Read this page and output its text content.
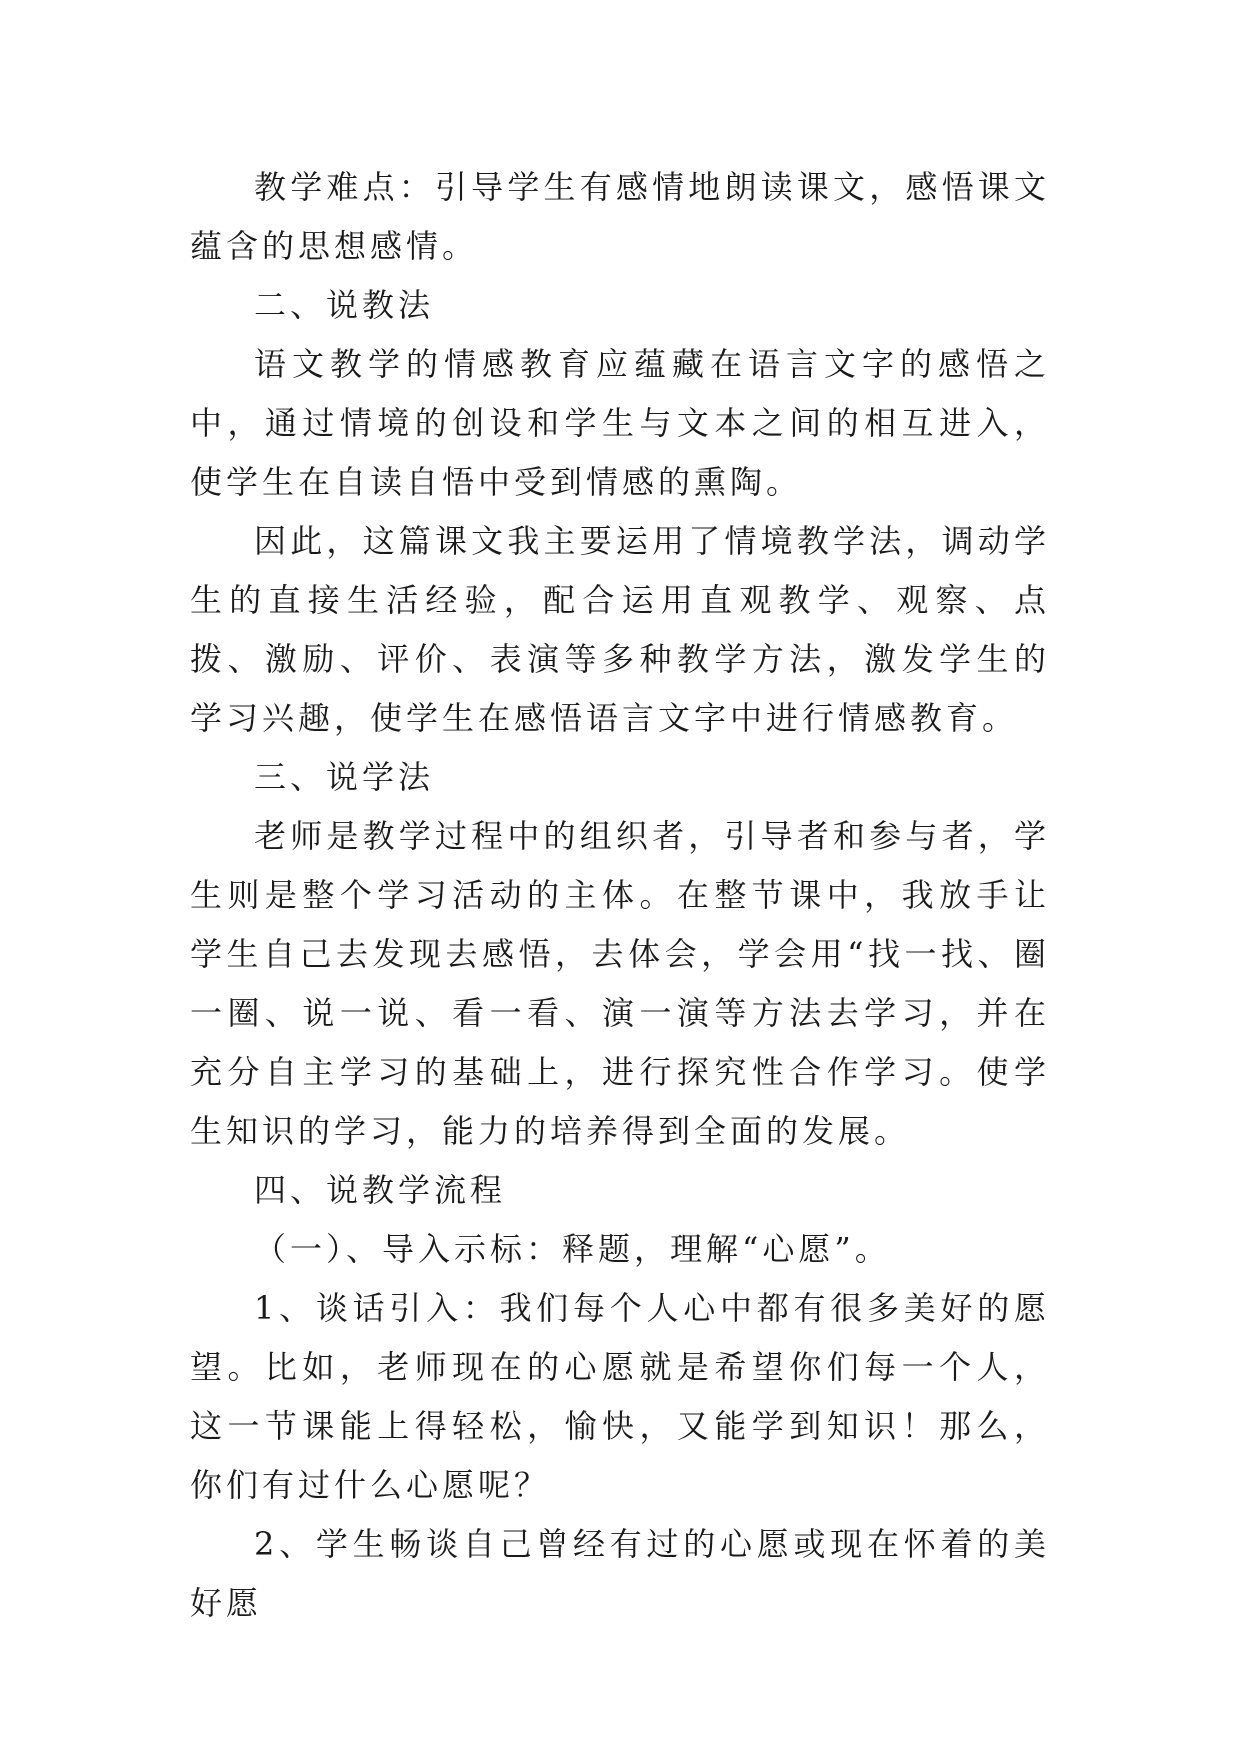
教学难点：引导学生有感情地朗读课文，感悟课文蕴含的思想感情。

二、说教法

语文教学的情感教育应蕴藏在语言文字的感悟之中，通过情境的创设和学生与文本之间的相互进入，使学生在自读自悟中受到情感的熏陶。

因此，这篇课文我主要运用了情境教学法，调动学生的直接生活经验，配合运用直观教学、观察、点拨、激励、评价、表演等多种教学方法，激发学生的学习兴趣，使学生在感悟语言文字中进行情感教育。

三、说学法

老师是教学过程中的组织者，引导者和参与者，学生则是整个学习活动的主体。在整节课中，我放手让学生自己去发现去感悟，去体会，学会用“找一找、圈一圈、说一说、看一看、演一演等方法去学习，并在充分自主学习的基础上，进行探究性合作学习。使学生知识的学习，能力的培养得到全面的发展。

四、说教学流程

（一）、导入示标：释题，理解“心愿”。

1、谈话引入：我们每个人心中都有很多美好的愿望。比如，老师现在的心愿就是希望你们每一个人，这一节课能上得轻松，愉快，又能学到知识！那么，你们有过什么心愿呢？

2、学生畅谈自己曾经有过的心愿或现在怀着的美好愿
